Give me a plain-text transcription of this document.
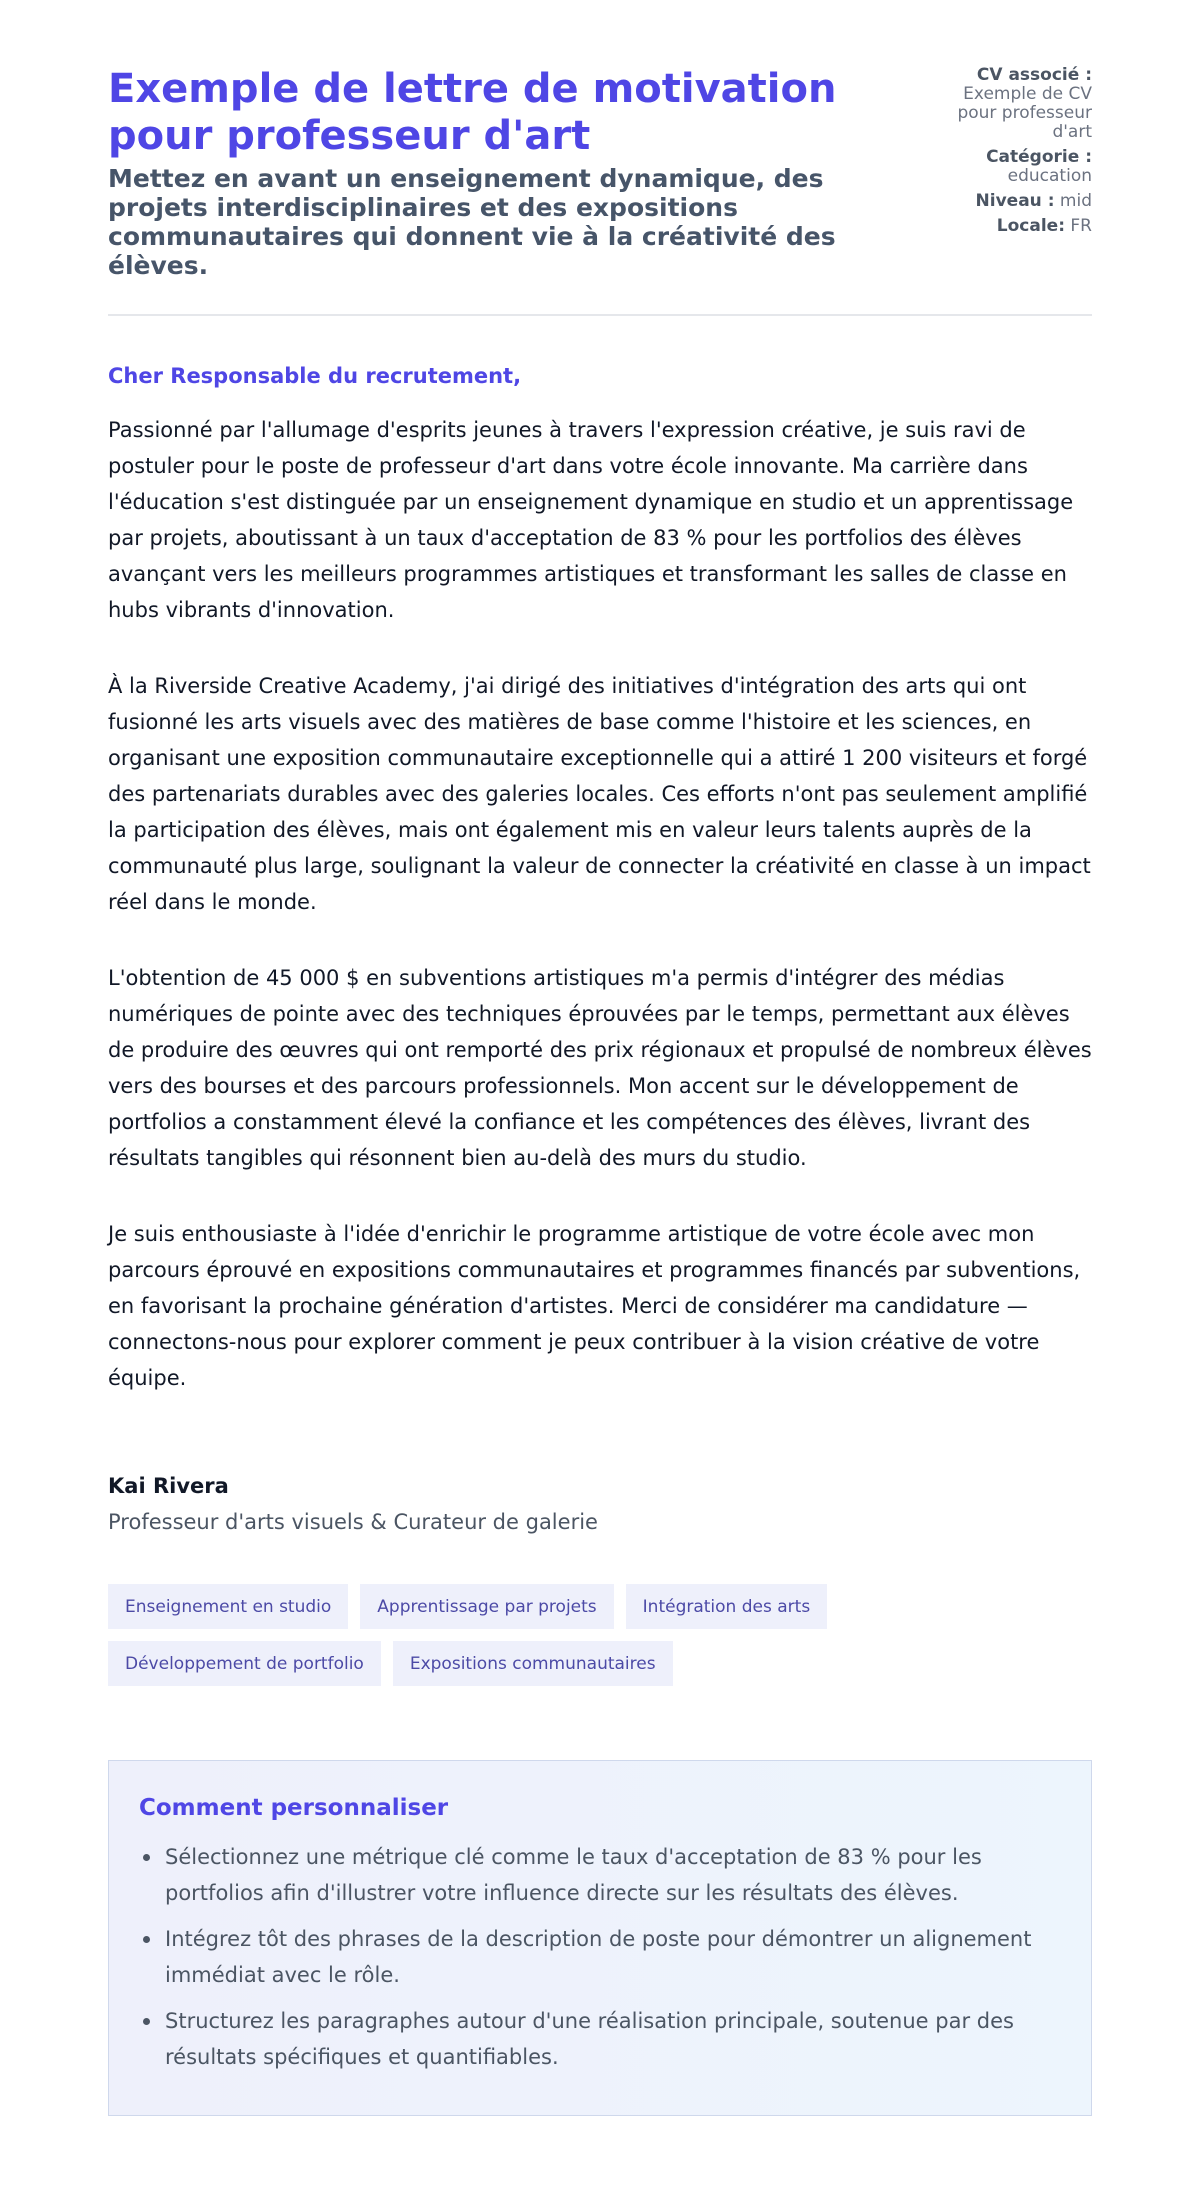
Exemple de lettre de motivation pour professeur d'art
Mettez en avant un enseignement dynamique, des projets interdisciplinaires et des expositions communautaires qui donnent vie à la créativité des élèves.
CV associé :
Exemple de CV pour professeur d'art
Catégorie :
education
Niveau : mid
Locale: FR

Cher Responsable du recrutement,

Passionné par l'allumage d'esprits jeunes à travers l'expression créative, je suis ravi de postuler pour le poste de professeur d'art dans votre école innovante. Ma carrière dans l'éducation s'est distinguée par un enseignement dynamique en studio et un apprentissage par projets, aboutissant à un taux d'acceptation de 83 % pour les portfolios des élèves avançant vers les meilleurs programmes artistiques et transformant les salles de classe en hubs vibrants d'innovation.

À la Riverside Creative Academy, j'ai dirigé des initiatives d'intégration des arts qui ont fusionné les arts visuels avec des matières de base comme l'histoire et les sciences, en organisant une exposition communautaire exceptionnelle qui a attiré 1 200 visiteurs et forgé des partenariats durables avec des galeries locales. Ces efforts n'ont pas seulement amplifié la participation des élèves, mais ont également mis en valeur leurs talents auprès de la communauté plus large, soulignant la valeur de connecter la créativité en classe à un impact réel dans le monde.

L'obtention de 45 000 $ en subventions artistiques m'a permis d'intégrer des médias numériques de pointe avec des techniques éprouvées par le temps, permettant aux élèves de produire des œuvres qui ont remporté des prix régionaux et propulsé de nombreux élèves vers des bourses et des parcours professionnels. Mon accent sur le développement de portfolios a constamment élevé la confiance et les compétences des élèves, livrant des résultats tangibles qui résonnent bien au-delà des murs du studio.

Je suis enthousiaste à l'idée d'enrichir le programme artistique de votre école avec mon parcours éprouvé en expositions communautaires et programmes financés par subventions, en favorisant la prochaine génération d'artistes. Merci de considérer ma candidature — connectons-nous pour explorer comment je peux contribuer à la vision créative de votre équipe.

Kai Rivera
Professeur d'arts visuels & Curateur de galerie
Enseignement en studio	Apprentissage par projets	Intégration des arts
Développement de portfolio	Expositions communautaires
Comment personnaliser
Sélectionnez une métrique clé comme le taux d'acceptation de 83 % pour les portfolios afin d'illustrer votre influence directe sur les résultats des élèves.
Intégrez tôt des phrases de la description de poste pour démontrer un alignement immédiat avec le rôle.
Structurez les paragraphes autour d'une réalisation principale, soutenue par des résultats spécifiques et quantifiables.
